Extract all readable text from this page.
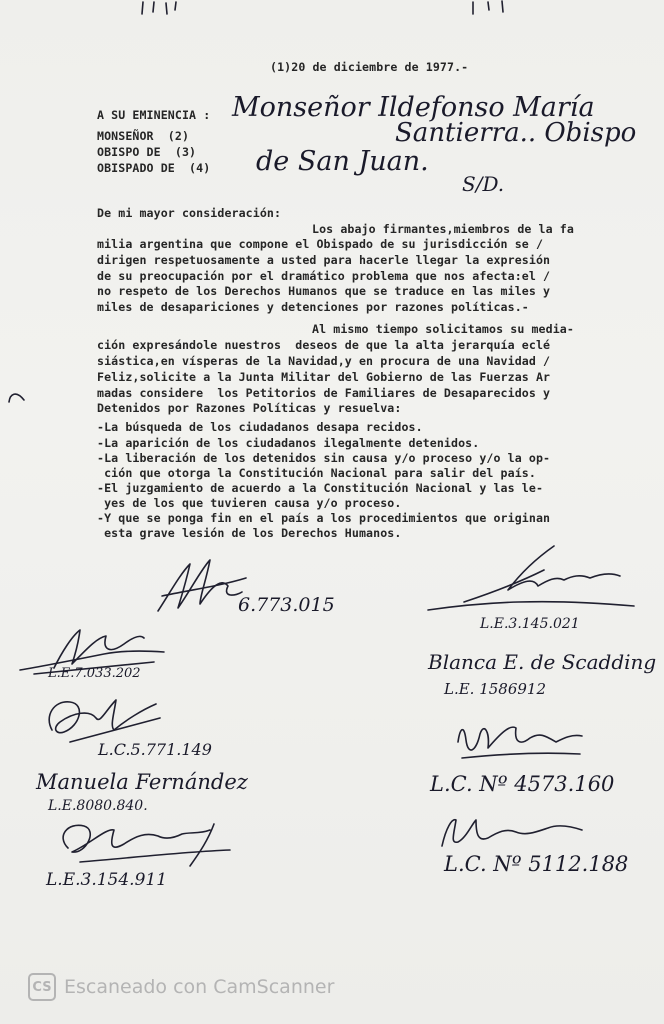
(1)20 de diciembre de 1977.-
A SU EMINENCIA :
MONSEÑOR  (2)
OBISPO DE  (3)
OBISPADO DE  (4)
Monseñor Ildefonso María
Santierra.. Obispo
de San Juan.
S/D.
De mi mayor consideración:
Los abajo firmantes,miembros de la fa
milia argentina que compone el Obispado de su jurisdicción se /
dirigen respetuosamente a usted para hacerle llegar la expresión
de su preocupación por el dramático problema que nos afecta:el /
no respeto de los Derechos Humanos que se traduce en las miles y
miles de desapariciones y detenciones por razones políticas.-
Al mismo tiempo solicitamos su media-
ción expresándole nuestros  deseos de que la alta jerarquía eclé
siástica,en vísperas de la Navidad,y en procura de una Navidad /
Feliz,solicite a la Junta Militar del Gobierno de las Fuerzas Ar
madas considere  los Petitorios de Familiares de Desaparecidos y
Detenidos por Razones Políticas y resuelva:
-La búsqueda de los ciudadanos desapa recidos.
-La aparición de los ciudadanos ilegalmente detenidos.
-La liberación de los detenidos sin causa y/o proceso y/o la op-
ción que otorga la Constitución Nacional para salir del país.
-El juzgamiento de acuerdo a la Constitución Nacional y las le-
yes de los que tuvieren causa y/o proceso.
-Y que se ponga fin en el país a los procedimientos que originan
esta grave lesión de los Derechos Humanos.
6.773.015
L.E.7.033.202
L.C.5.771.149
Manuela Fernández
L.E.8080.840.
L.E.3.154.911
L.E.3.145.021
Blanca E. de Scadding
L.E. 1586912
L.C. Nº 4573.160
L.C. Nº 5112.188
CS Escaneado con CamScanner
